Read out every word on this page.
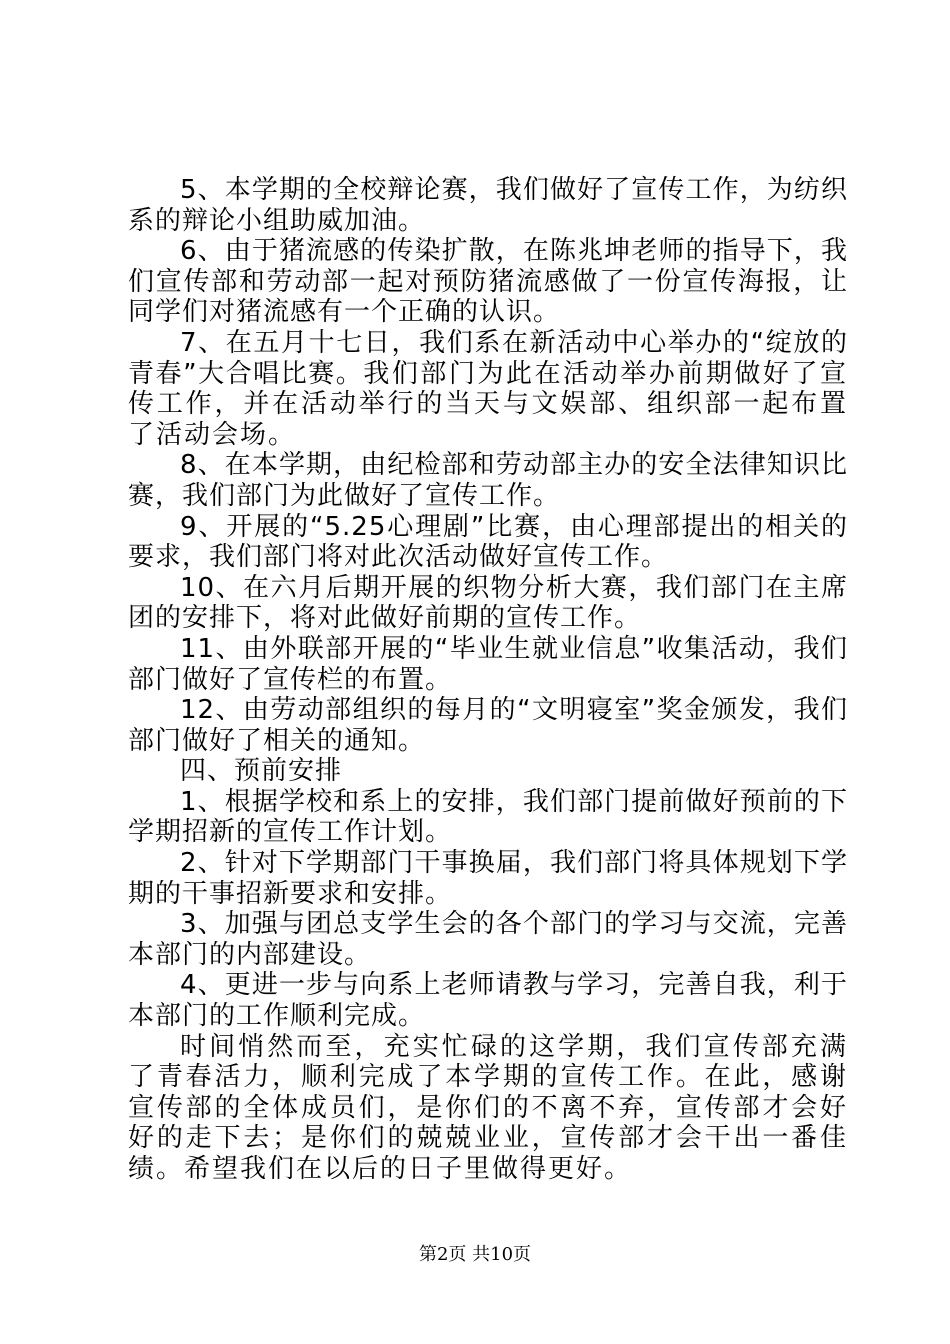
5、本学期的全校辩论赛，我们做好了宣传工作，为纺织系的辩论小组助威加油。

6、由于猪流感的传染扩散，在陈兆坤老师的指导下，我们宣传部和劳动部一起对预防猪流感做了一份宣传海报，让同学们对猪流感有一个正确的认识。

7、在五月十七日，我们系在新活动中心举办的“绽放的青春”大合唱比赛。我们部门为此在活动举办前期做好了宣传工作，并在活动举行的当天与文娱部、组织部一起布置了活动会场。

8、在本学期，由纪检部和劳动部主办的安全法律知识比赛，我们部门为此做好了宣传工作。

9、开展的“5.25心理剧”比赛，由心理部提出的相关的要求，我们部门将对此次活动做好宣传工作。

10、在六月后期开展的织物分析大赛，我们部门在主席团的安排下，将对此做好前期的宣传工作。

11、由外联部开展的“毕业生就业信息”收集活动，我们部门做好了宣传栏的布置。

12、由劳动部组织的每月的“文明寝室”奖金颁发，我们部门做好了相关的通知。

四、预前安排

1、根据学校和系上的安排，我们部门提前做好预前的下学期招新的宣传工作计划。

2、针对下学期部门干事换届，我们部门将具体规划下学期的干事招新要求和安排。

3、加强与团总支学生会的各个部门的学习与交流，完善本部门的内部建设。

4、更进一步与向系上老师请教与学习，完善自我，利于本部门的工作顺利完成。

时间悄然而至，充实忙碌的这学期，我们宣传部充满了青春活力，顺利完成了本学期的宣传工作。在此，感谢宣传部的全体成员们，是你们的不离不弃，宣传部才会好好的走下去；是你们的兢兢业业，宣传部才会干出一番佳绩。希望我们在以后的日子里做得更好。

第2页 共10页
